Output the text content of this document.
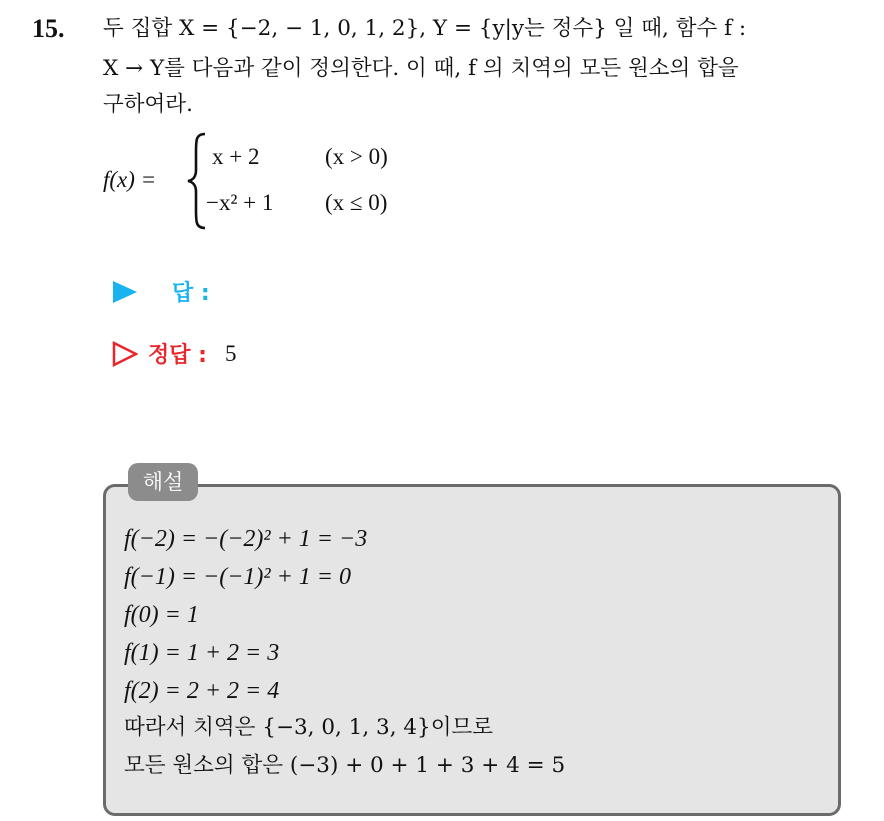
15. 두 집합 X = {−2, − 1, 0, 1, 2}, Y = {y|y는 정수} 일 때, 함수 f :
X → Y를 다음과 같이 정의한다. 이 때, f 의 치역의 모든 원소의 합을
구하여라.
f(x) =
x + 2	(x > 0)
−x² + 1 (x ≤ 0)
답 :
정답 : 5
해설
f(−2) = −(−2)² + 1 = −3
f(−1) = −(−1)² + 1 = 0
f(0) = 1
f(1) = 1 + 2 = 3
f(2) = 2 + 2 = 4
따라서 치역은 {−3, 0, 1, 3, 4}이므로
모든 원소의 합은 (−3) + 0 + 1 + 3 + 4 = 5
